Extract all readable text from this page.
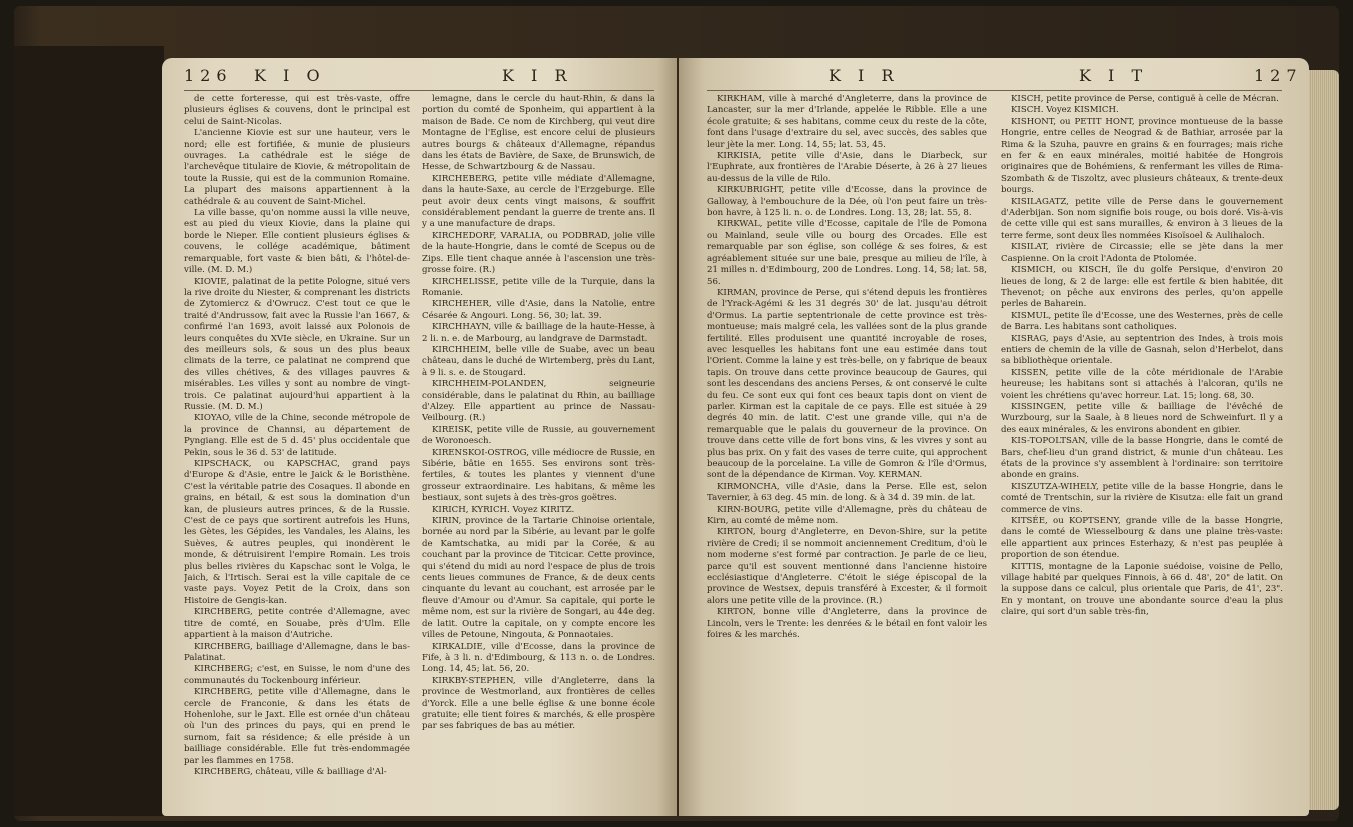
126 K I O	K I R

de cette forteresse, qui est très-vaste, offre plusieurs églises & couvens, dont le principal est celui de Saint-Nicolas.

L'ancienne Kiovie est sur une hauteur, vers le nord; elle est fortifiée, & munie de plusieurs ouvrages. La cathédrale est le siége de l'archevêque titulaire de Kiovie, & métropolitain de toute la Russie, qui est de la communion Romaine. La plupart des maisons appartiennent à la cathédrale & au couvent de Saint-Michel.

La ville basse, qu'on nomme aussi la ville neuve, est au pied du vieux Kiovie, dans la plaine qui borde le Nieper. Elle contient plusieurs églises & couvens, le collége académique, bâtiment remarquable, fort vaste & bien bâti, & l'hôtel-de-ville. (M. D. M.)

KIOVIE, palatinat de la petite Pologne, situé vers la rive droite du Niester, & comprenant les districts de Zytomiercz & d'Owrucz. C'est tout ce que le traité d'Andrussow, fait avec la Russie l'an 1667, & confirmé l'an 1693, avoit laissé aux Polonois de leurs conquêtes du XVIe siècle, en Ukraine. Sur un des meilleurs sols, & sous un des plus beaux climats de la terre, ce palatinat ne comprend que des villes chétives, & des villages pauvres & misérables. Les villes y sont au nombre de vingt-trois. Ce palatinat aujourd'hui appartient à la Russie. (M. D. M.)

KIOYAO, ville de la Chine, seconde métropole de la province de Channsi, au département de Pyngiang. Elle est de 5 d. 45' plus occidentale que Pekin, sous le 36 d. 53' de latitude.

KIPSCHACK, ou KAPSCHAC, grand pays d'Europe & d'Asie, entre le Jaick & le Boristhène. C'est la véritable patrie des Cosaques. Il abonde en grains, en bétail, & est sous la domination d'un kan, de plusieurs autres princes, & de la Russie. C'est de ce pays que sortirent autrefois les Huns, les Gètes, les Gépides, les Vandales, les Alains, les Suèves, & autres peuples, qui inondèrent le monde, & détruisirent l'empire Romain. Les trois plus belles rivières du Kapschac sont le Volga, le Jaich, & l'Irtisch. Serai est la ville capitale de ce vaste pays. Voyez Petit de la Croix, dans son Histoire de Gengis-kan.

KIRCHBERG, petite contrée d'Allemagne, avec titre de comté, en Souabe, près d'Ulm. Elle appartient à la maison d'Autriche.

KIRCHBERG, bailliage d'Allemagne, dans le bas-Palatinat.

KIRCHBERG; c'est, en Suisse, le nom d'une des communautés du Tockenbourg inférieur.

KIRCHBERG, petite ville d'Allemagne, dans le cercle de Franconie, & dans les états de Hohenlohe, sur le Jaxt. Elle est ornée d'un château où l'un des princes du pays, qui en prend le surnom, fait sa résidence; & elle préside à un bailliage considérable. Elle fut très-endommagée par les flammes en 1758.

KIRCHBERG, château, ville & bailliage d'Al-

lemagne, dans le cercle du haut-Rhin, & dans la portion du comté de Sponheim, qui appartient à la maison de Bade. Ce nom de Kirchberg, qui veut dire Montagne de l'Eglise, est encore celui de plusieurs autres bourgs & châteaux d'Allemagne, répandus dans les états de Bavière, de Saxe, de Brunswich, de Hesse, de Schwartzbourg & de Nassau.

KIRCHEBERG, petite ville médiate d'Allemagne, dans la haute-Saxe, au cercle de l'Erzgeburge. Elle peut avoir deux cents vingt maisons, & souffrit considérablement pendant la guerre de trente ans. Il y a une manufacture de draps.

KIRCHEDORF, VARALIA, ou PODBRAD, jolie ville de la haute-Hongrie, dans le comté de Scepus ou de Zips. Elle tient chaque année à l'ascension une très-grosse foire. (R.)

KIRCHELISSE, petite ville de la Turquie, dans la Romanie.

KIRCHEHER, ville d'Asie, dans la Natolie, entre Césarée & Angouri. Long. 56, 30; lat. 39.

KIRCHHAYN, ville & bailliage de la haute-Hesse, à 2 li. n. e. de Marbourg, au landgrave de Darmstadt.

KIRCHHEIM, belle ville de Suabe, avec un beau château, dans le duché de Wirtemberg, près du Lant, à 9 li. s. e. de Stougard.

KIRCHHEIM-POLANDEN, seigneurie considérable, dans le palatinat du Rhin, au bailliage d'Alzey. Elle appartient au prince de Nassau-Veilbourg. (R.)

KIREISK, petite ville de Russie, au gouvernement de Woronoesch.

KIRENSKOI-OSTROG, ville médiocre de Russie, en Sibérie, bâtie en 1655. Ses environs sont très-fertiles, & toutes les plantes y viennent d'une grosseur extraordinaire. Les habitans, & même les bestiaux, sont sujets à des très-gros goëtres.

KIRICH, KYRICH. Voyez KIRITZ.

KIRIN, province de la Tartarie Chinoise orientale, bornée au nord par la Sibérie, au levant par le golfe de Kamtschatka, au midi par la Corée, & au couchant par la province de Titcicar. Cette province, qui s'étend du midi au nord l'espace de plus de trois cents lieues communes de France, & de deux cents cinquante du levant au couchant, est arrosée par le fleuve d'Amour ou d'Amur. Sa capitale, qui porte le même nom, est sur la rivière de Songari, au 44e deg. de latit. Outre la capitale, on y compte encore les villes de Petoune, Ningouta, & Ponnaotaies.

KIRKALDIE, ville d'Ecosse, dans la province de Fife, à 3 li. n. d'Edimbourg, & 113 n. o. de Londres. Long. 14, 45; lat. 56, 20.

KIRKBY-STEPHEN, ville d'Angleterre, dans la province de Westmorland, aux frontières de celles d'Yorck. Elle a une belle église & une bonne école gratuite; elle tient foires & marchés, & elle prospère par ses fabriques de bas au métier.

K I R	K I T	127

KIRKHAM, ville à marché d'Angleterre, dans la province de Lancaster, sur la mer d'Irlande, appelée le Ribble. Elle a une école gratuite; & ses habitans, comme ceux du reste de la côte, font dans l'usage d'extraire du sel, avec succès, des sables que leur jète la mer. Long. 14, 55; lat. 53, 45.

KIRKISIA, petite ville d'Asie, dans le Diarbeck, sur l'Euphrate, aux frontières de l'Arabie Déserte, à 26 à 27 lieues au-dessus de la ville de Rilo.

KIRKUBRIGHT, petite ville d'Ecosse, dans la province de Galloway, à l'embouchure de la Dée, où l'on peut faire un très-bon havre, à 125 li. n. o. de Londres. Long. 13, 28; lat. 55, 8.

KIRKWAL, petite ville d'Ecosse, capitale de l'île de Pomona ou Mainland, seule ville ou bourg des Orcades. Elle est remarquable par son église, son collége & ses foires, & est agréablement située sur une baie, presque au milieu de l'île, à 21 milles n. d'Edimbourg, 200 de Londres. Long. 14, 58; lat. 58, 56.

KIRMAN, province de Perse, qui s'étend depuis les frontières de l'Yrack-Agémi & les 31 degrés 30' de lat. jusqu'au détroit d'Ormus. La partie septentrionale de cette province est très-montueuse; mais malgré cela, les vallées sont de la plus grande fertilité. Elles produisent une quantité incroyable de roses, avec lesquelles les habitans font une eau estimée dans tout l'Orient. Comme la laine y est très-belle, on y fabrique de beaux tapis. On trouve dans cette province beaucoup de Gaures, qui sont les descendans des anciens Perses, & ont conservé le culte du feu. Ce sont eux qui font ces beaux tapis dont on vient de parler. Kirman est la capitale de ce pays. Elle est située à 29 degrés 40 min. de latit. C'est une grande ville, qui n'a de remarquable que le palais du gouverneur de la province. On trouve dans cette ville de fort bons vins, & les vivres y sont au plus bas prix. On y fait des vases de terre cuite, qui approchent beaucoup de la porcelaine. La ville de Gomron & l'île d'Ormus, sont de la dépendance de Kirman. Voy. KERMAN.

KIRMONCHA, ville d'Asie, dans la Perse. Elle est, selon Tavernier, à 63 deg. 45 min. de long. & à 34 d. 39 min. de lat.

KIRN-BOURG, petite ville d'Allemagne, près du château de Kirn, au comté de même nom.

KIRTON, bourg d'Angleterre, en Devon-Shire, sur la petite rivière de Credi; il se nommoit anciennement Creditum, d'où le nom moderne s'est formé par contraction. Je parle de ce lieu, parce qu'il est souvent mentionné dans l'ancienne histoire ecclésiastique d'Angleterre. C'étoit le siége épiscopal de la province de Westsex, depuis transféré à Excester, & il formoit alors une petite ville de la province. (R.)

KIRTON, bonne ville d'Angleterre, dans la province de Lincoln, vers le Trente: les denrées & le bétail en font valoir les foires & les marchés.

KISCH, petite province de Perse, contiguë à celle de Mécran.

KISCH. Voyez KISMICH.

KISHONT, ou PETIT HONT, province montueuse de la basse Hongrie, entre celles de Neograd & de Bathiar, arrosée par la Rima & la Szuha, pauvre en grains & en fourrages; mais riche en fer & en eaux minérales, moitié habitée de Hongrois originaires que de Bohémiens, & renfermant les villes de Rima-Szombath & de Tiszoltz, avec plusieurs châteaux, & trente-deux bourgs.

KISILAGATZ, petite ville de Perse dans le gouvernement d'Aderbijan. Son nom signifie bois rouge, ou bois doré. Vis-à-vis de cette ville qui est sans murailles, & environ à 3 lieues de la terre ferme, sont deux îles nommées Kisoïsoel & Aulihaloch.

KISILAT, rivière de Circassie; elle se jète dans la mer Caspienne. On la croit l'Adonta de Ptolomée.

KISMICH, ou KISCH, île du golfe Persique, d'environ 20 lieues de long, & 2 de large: elle est fertile & bien habitée, dit Thevenot; on pêche aux environs des perles, qu'on appelle perles de Baharein.

KISMUL, petite île d'Ecosse, une des Westernes, près de celle de Barra. Les habitans sont catholiques.

KISRAG, pays d'Asie, au septentrion des Indes, à trois mois entiers de chemin de la ville de Gasnah, selon d'Herbelot, dans sa bibliothèque orientale.

KISSEN, petite ville de la côte méridionale de l'Arabie heureuse; les habitans sont si attachés à l'alcoran, qu'ils ne voient les chrétiens qu'avec horreur. Lat. 15; long. 68, 30.

KISSINGEN, petite ville & bailliage de l'évêché de Wurzbourg, sur la Saale, à 8 lieues nord de Schweinfurt. Il y a des eaux minérales, & les environs abondent en gibier.

KIS-TOPOLTSAN, ville de la basse Hongrie, dans le comté de Bars, chef-lieu d'un grand district, & munie d'un château. Les états de la province s'y assemblent à l'ordinaire: son territoire abonde en grains.

KISZUTZA-WIHELY, petite ville de la basse Hongrie, dans le comté de Trentschin, sur la rivière de Kisutza: elle fait un grand commerce de vins.

KITSÉE, ou KOPTSENY, grande ville de la basse Hongrie, dans le comté de Wiesselbourg & dans une plaine très-vaste: elle appartient aux princes Esterhazy, & n'est pas peuplée à proportion de son étendue.

KITTIS, montagne de la Laponie suédoise, voisine de Pello, village habité par quelques Finnois, à 66 d. 48', 20" de latit. On la suppose dans ce calcul, plus orientale que Paris, de 41', 23". En y montant, on trouve une abondante source d'eau la plus claire, qui sort d'un sable très-fin,
